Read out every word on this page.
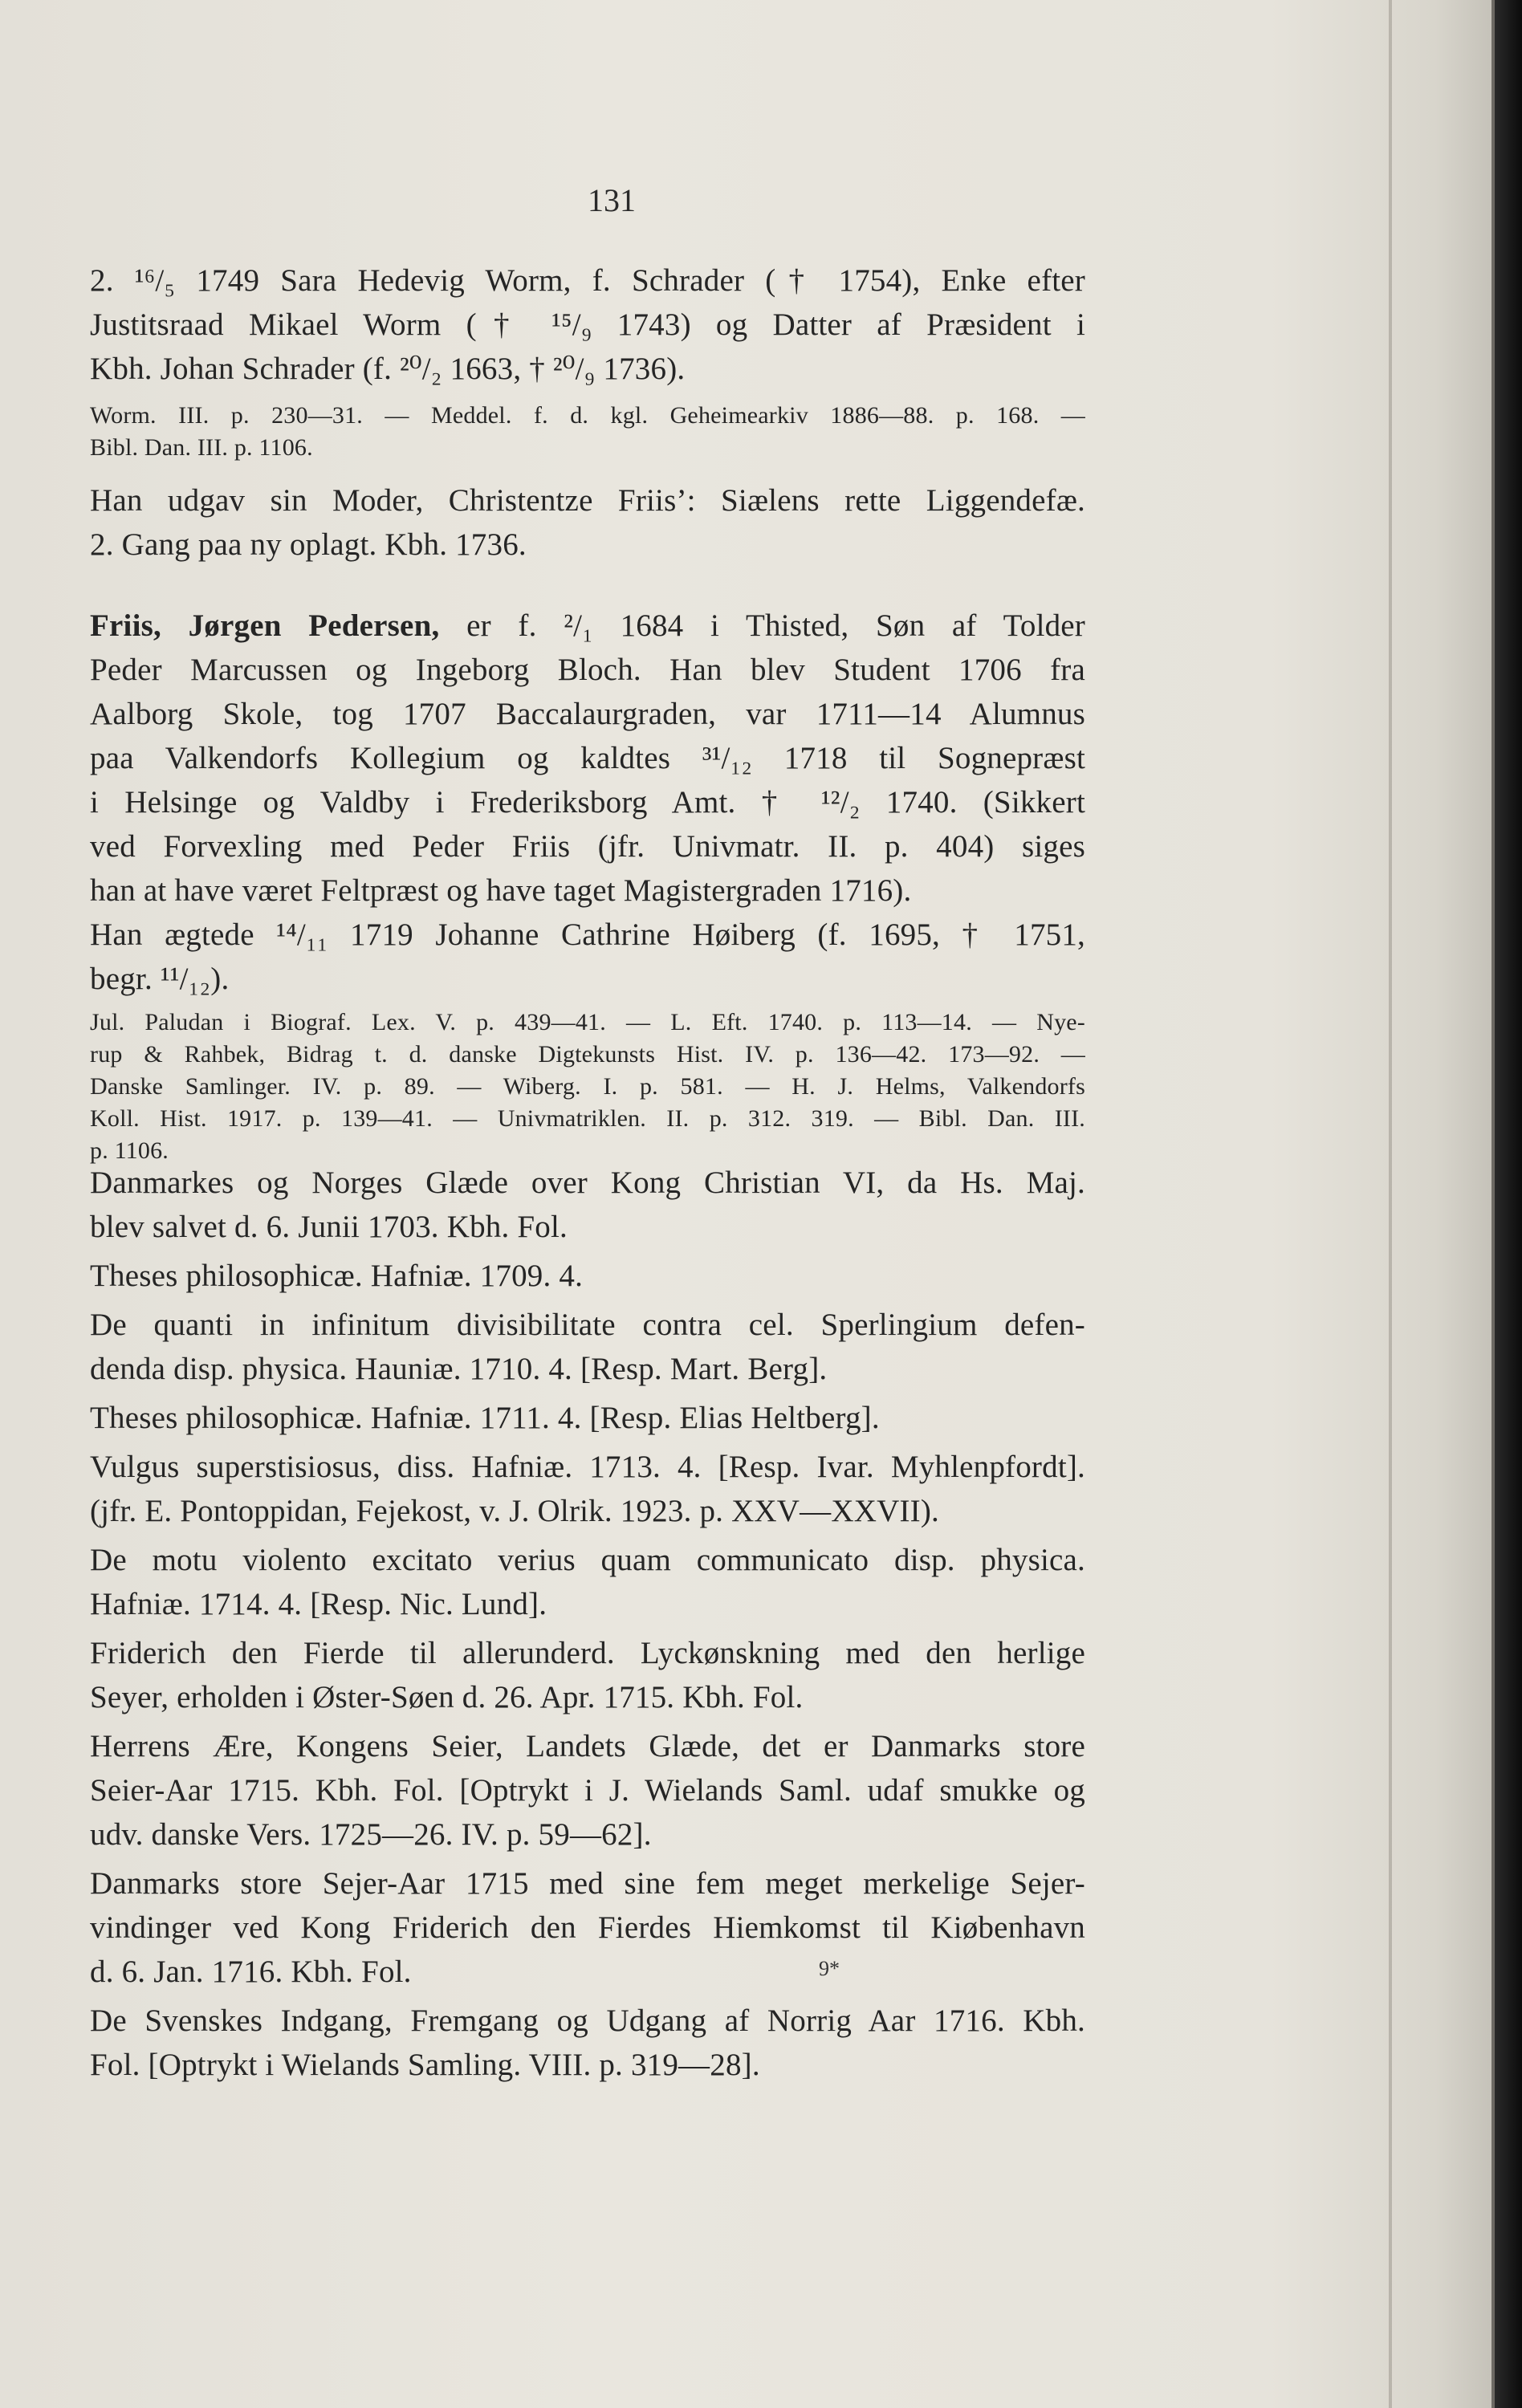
131
2. ¹⁶/₅ 1749 Sara Hedevig Worm, f. Schrader († 1754), Enke efter
Justitsraad Mikael Worm († ¹⁵/₉ 1743) og Datter af Præsident i
Kbh. Johan Schrader (f. ²⁰/₂ 1663, † ²⁰/₉ 1736).
Worm. III. p. 230—31. — Meddel. f. d. kgl. Geheimearkiv 1886—88. p. 168. —
Bibl. Dan. III. p. 1106.
Han udgav sin Moder, Christentze Friis’: Siælens rette Liggendefæ.
2. Gang paa ny oplagt. Kbh. 1736.
Friis, Jørgen Pedersen, er f. ²/₁ 1684 i Thisted, Søn af Tolder
Peder Marcussen og Ingeborg Bloch. Han blev Student 1706 fra
Aalborg Skole, tog 1707 Baccalaurgraden, var 1711—14 Alumnus
paa Valkendorfs Kollegium og kaldtes ³¹/₁₂ 1718 til Sognepræst
i Helsinge og Valdby i Frederiksborg Amt. † ¹²/₂ 1740. (Sikkert
ved Forvexling med Peder Friis (jfr. Univmatr. II. p. 404) siges
han at have været Feltpræst og have taget Magistergraden 1716).
Han ægtede ¹⁴/₁₁ 1719 Johanne Cathrine Høiberg (f. 1695, † 1751,
begr. ¹¹/₁₂).
Jul. Paludan i Biograf. Lex. V. p. 439—41. — L. Eft. 1740. p. 113—14. — Nye-
rup & Rahbek, Bidrag t. d. danske Digtekunsts Hist. IV. p. 136—42. 173—92. —
Danske Samlinger. IV. p. 89. — Wiberg. I. p. 581. — H. J. Helms, Valkendorfs
Koll. Hist. 1917. p. 139—41. — Univmatriklen. II. p. 312. 319. — Bibl. Dan. III.
p. 1106.
Danmarkes og Norges Glæde over Kong Christian VI, da Hs. Maj.
blev salvet d. 6. Junii 1703. Kbh. Fol.
Theses philosophicæ. Hafniæ. 1709. 4.
De quanti in infinitum divisibilitate contra cel. Sperlingium defen-
denda disp. physica. Hauniæ. 1710. 4. [Resp. Mart. Berg].
Theses philosophicæ. Hafniæ. 1711. 4. [Resp. Elias Heltberg].
Vulgus superstisiosus, diss. Hafniæ. 1713. 4. [Resp. Ivar. Myhlenpfordt].
(jfr. E. Pontoppidan, Fejekost, v. J. Olrik. 1923. p. XXV—XXVII).
De motu violento excitato verius quam communicato disp. physica.
Hafniæ. 1714. 4. [Resp. Nic. Lund].
Friderich den Fierde til allerunderd. Lyckønskning med den herlige
Seyer, erholden i Øster-Søen d. 26. Apr. 1715. Kbh. Fol.
Herrens Ære, Kongens Seier, Landets Glæde, det er Danmarks store
Seier-Aar 1715. Kbh. Fol. [Optrykt i J. Wielands Saml. udaf smukke og
udv. danske Vers. 1725—26. IV. p. 59—62].
Danmarks store Sejer-Aar 1715 med sine fem meget merkelige Sejer-
vindinger ved Kong Friderich den Fierdes Hiemkomst til Kiøbenhavn
d. 6. Jan. 1716. Kbh. Fol.
De Svenskes Indgang, Fremgang og Udgang af Norrig Aar 1716. Kbh.
Fol. [Optrykt i Wielands Samling. VIII. p. 319—28].
9*
